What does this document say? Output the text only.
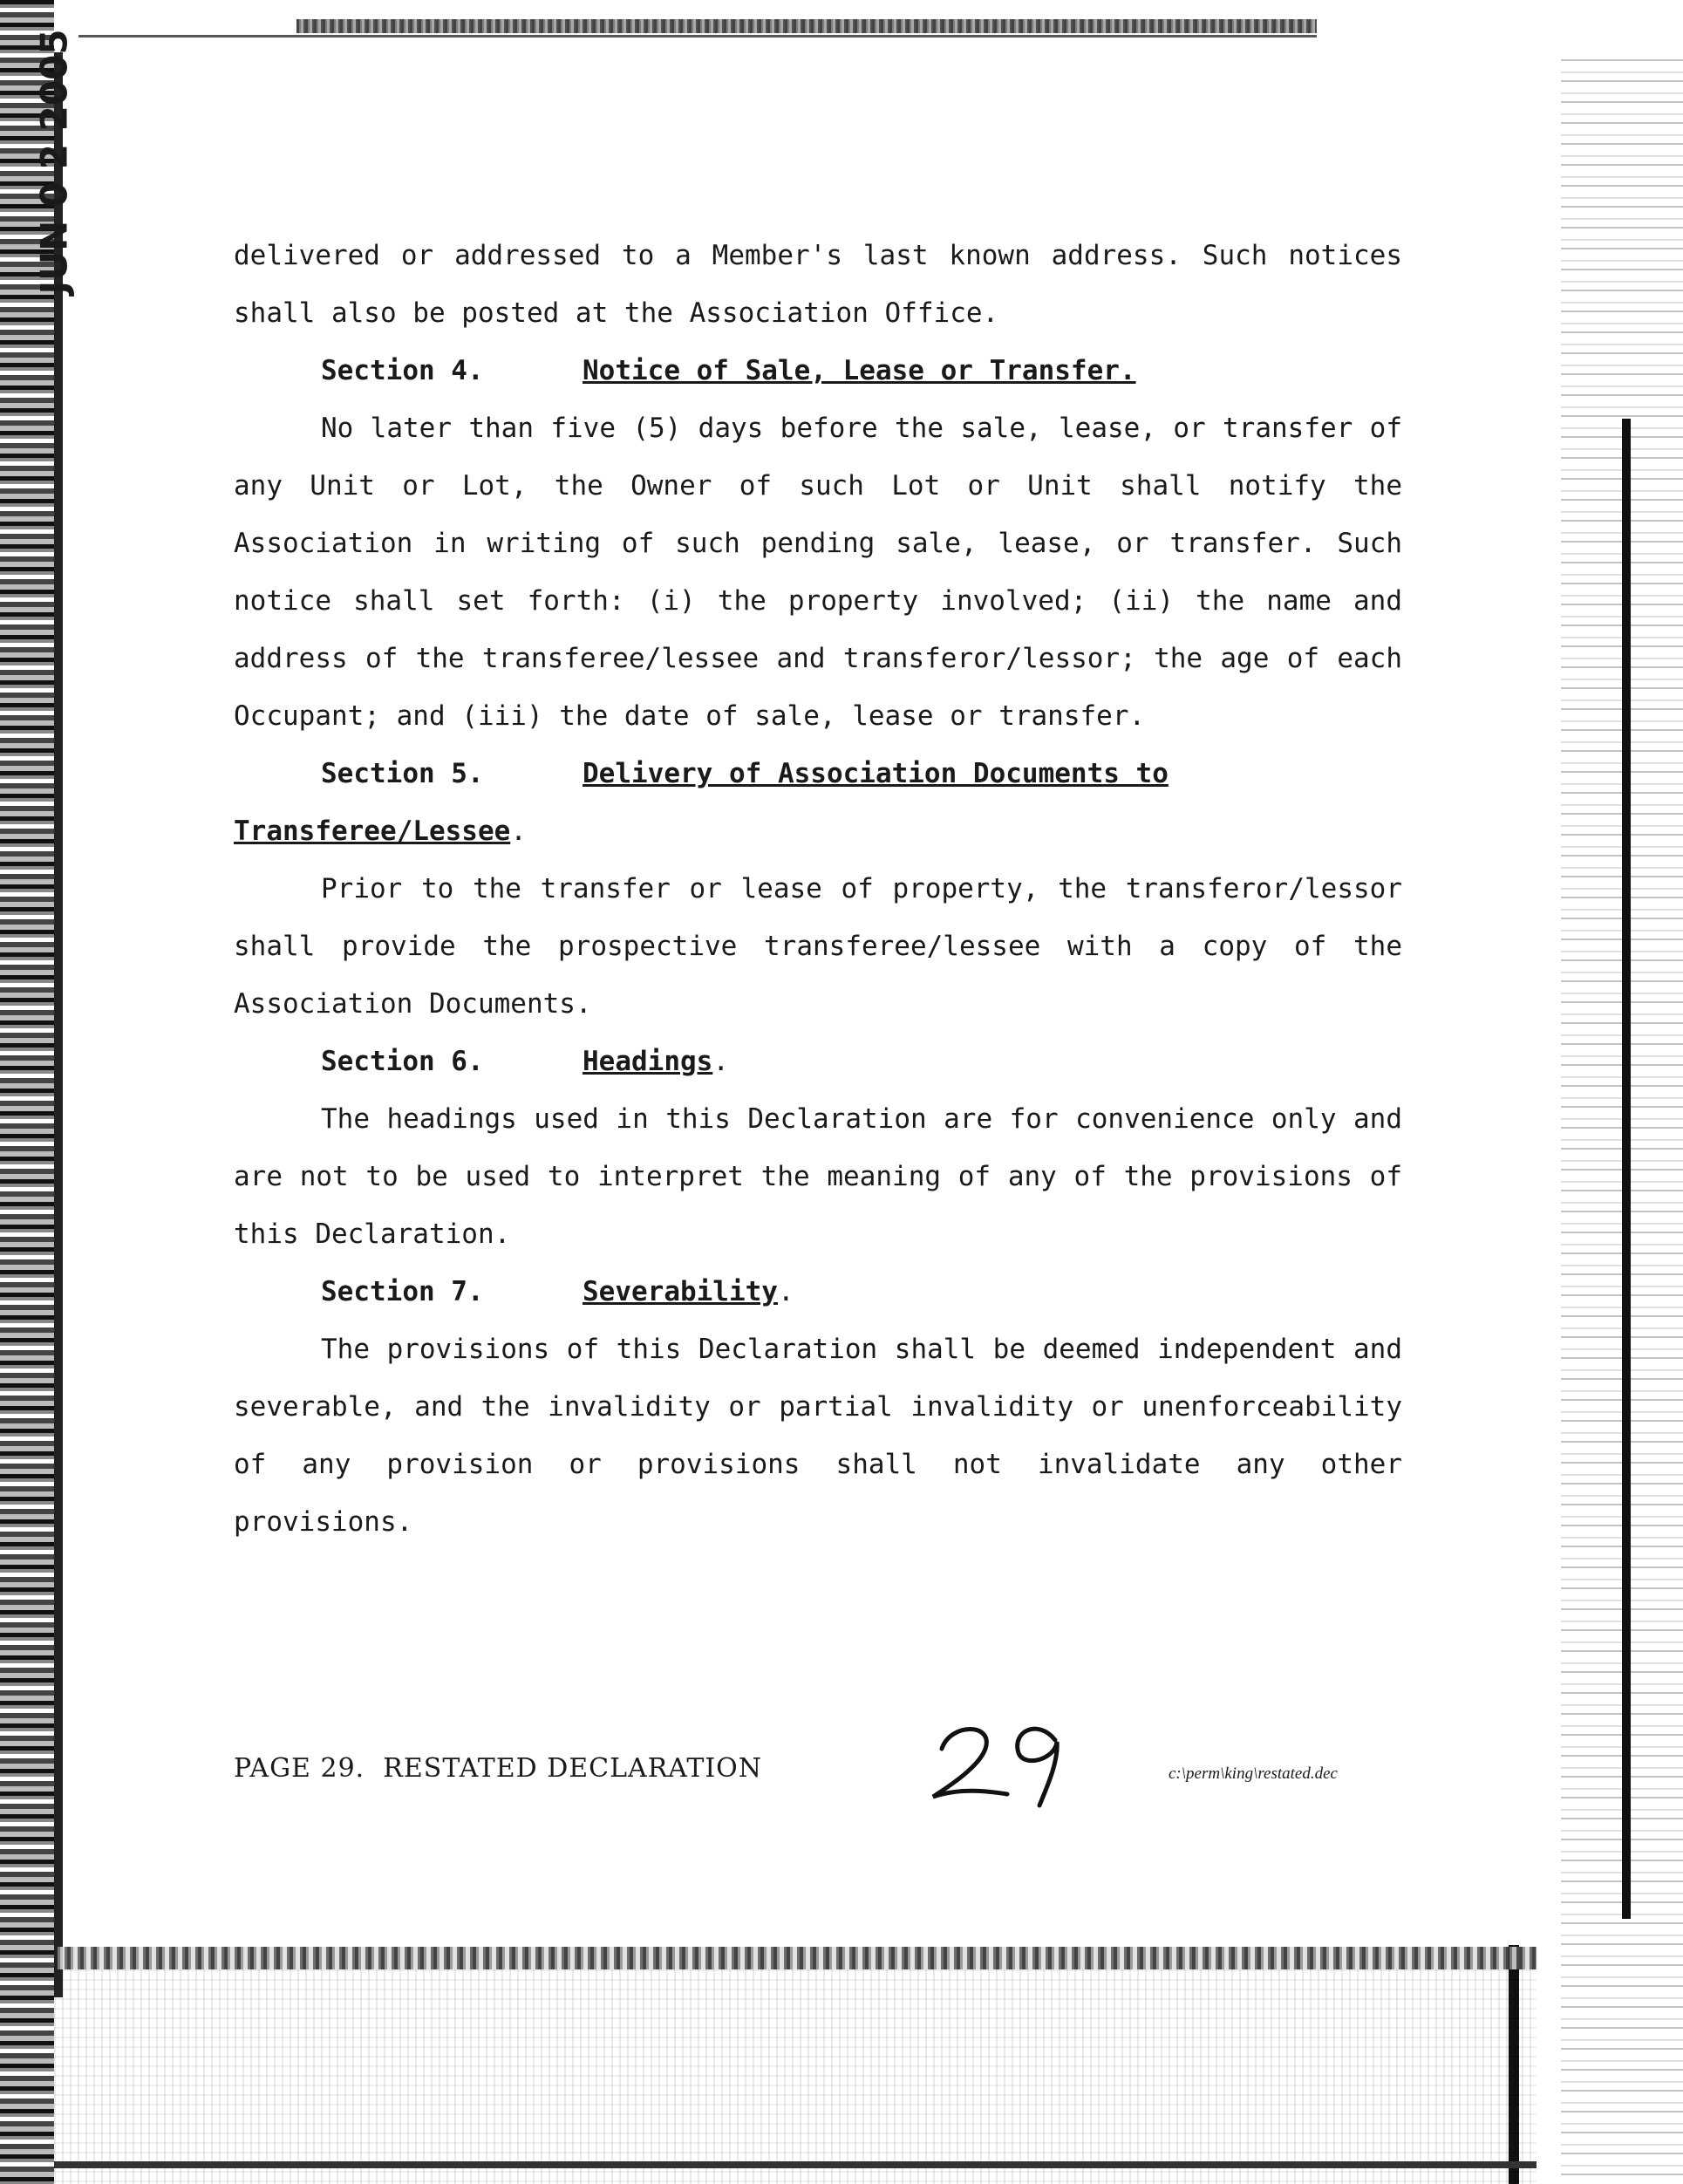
JUN 0 2 2005	delivered or addressed to a Member's last known address. Such notices shall also be posted at the Association Office.

Section 4.	Notice of Sale, Lease or Transfer.

No later than five (5) days before the sale, lease, or transfer of any Unit or Lot, the Owner of such Lot or Unit shall notify the Association in writing of such pending sale, lease, or transfer. Such notice shall set forth: (i) the property involved; (ii) the name and address of the transferee/lessee and transferor/lessor; the age of each Occupant; and (iii) the date of sale, lease or transfer.

Section 5.	Delivery of Association Documents to
Transferee/Lessee.

Prior to the transfer or lease of property, the transferor/lessor shall provide the prospective transferee/lessee with a copy of the Association Documents.

Section 6.	Headings.

The headings used in this Declaration are for convenience only and are not to be used to interpret the meaning of any of the provisions of this Declaration.

Section 7.	Severability.

The provisions of this Declaration shall be deemed independent and severable, and the invalidity or partial invalidity or unenforceability of any provision or provisions shall not invalidate any other provisions.

PAGE 29.  RESTATED DECLARATION	c:\perm\king\restated.dec
